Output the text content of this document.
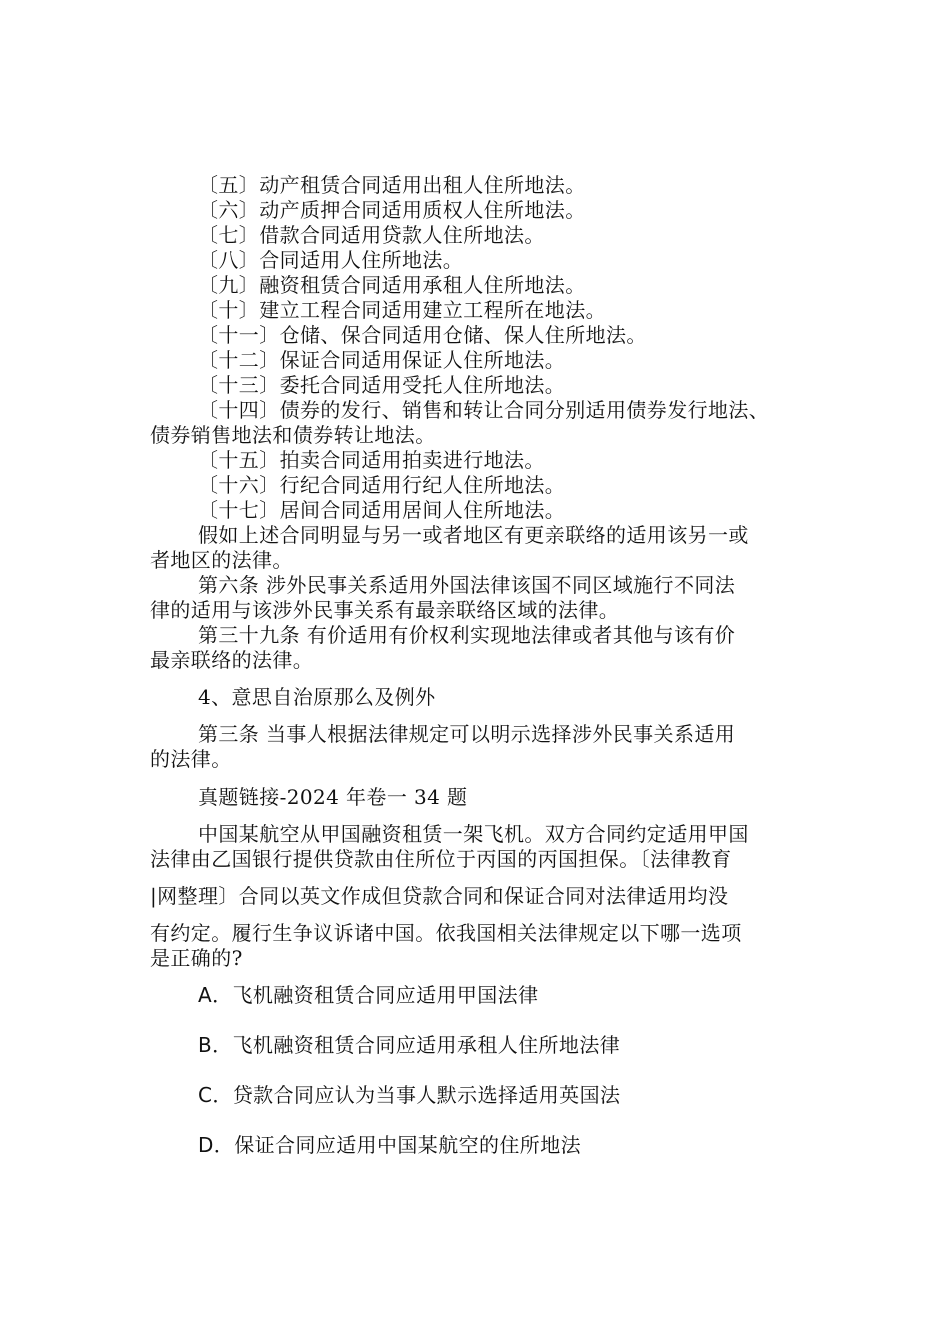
〔五〕动产租赁合同适用出租人住所地法。
〔六〕动产质押合同适用质权人住所地法。
〔七〕借款合同适用贷款人住所地法。
〔八〕合同适用人住所地法。
〔九〕融资租赁合同适用承租人住所地法。
〔十〕建立工程合同适用建立工程所在地法。
〔十一〕仓储、保合同适用仓储、保人住所地法。
〔十二〕保证合同适用保证人住所地法。
〔十三〕委托合同适用受托人住所地法。
〔十四〕债券的发行、销售和转让合同分别适用债券发行地法、
债券销售地法和债券转让地法。
〔十五〕拍卖合同适用拍卖进行地法。
〔十六〕行纪合同适用行纪人住所地法。
〔十七〕居间合同适用居间人住所地法。
假如上述合同明显与另一或者地区有更亲联络的适用该另一或
者地区的法律。
第六条 涉外民事关系适用外国法律该国不同区域施行不同法
律的适用与该涉外民事关系有最亲联络区域的法律。
第三十九条 有价适用有价权利实现地法律或者其他与该有价
最亲联络的法律。
4、意思自治原那么及例外
第三条 当事人根据法律规定可以明示选择涉外民事关系适用
的法律。
真题链接-2024 年卷一 34 题
中国某航空从甲国融资租赁一架飞机。双方合同约定适用甲国
法律由乙国银行提供贷款由住所位于丙国的丙国担保。〔法律教育
|网整理〕合同以英文作成但贷款合同和保证合同对法律适用均没
有约定。履行生争议诉诸中国。依我国相关法律规定以下哪一选项
是正确的?
A．飞机融资租赁合同应适用甲国法律
B．飞机融资租赁合同应适用承租人住所地法律
C．贷款合同应认为当事人默示选择适用英国法
D．保证合同应适用中国某航空的住所地法
